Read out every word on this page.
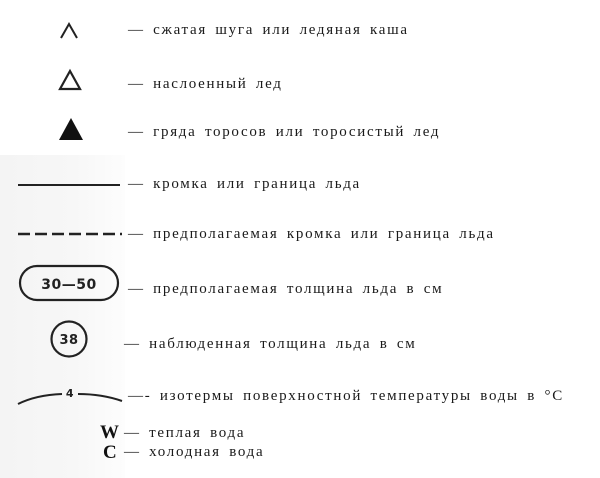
— сжатая шуга или ледяная каша
— наслоенный лед
— гряда торосов или торосистый лед
— кромка или граница льда
— предполагаемая кромка или граница льда
30—50 — предполагаемая толщина льда в см
38	— наблюденная толщина льда в см
4	—- изотермы поверхностной температуры воды в °С
W — теплая вода
C — холодная вода
